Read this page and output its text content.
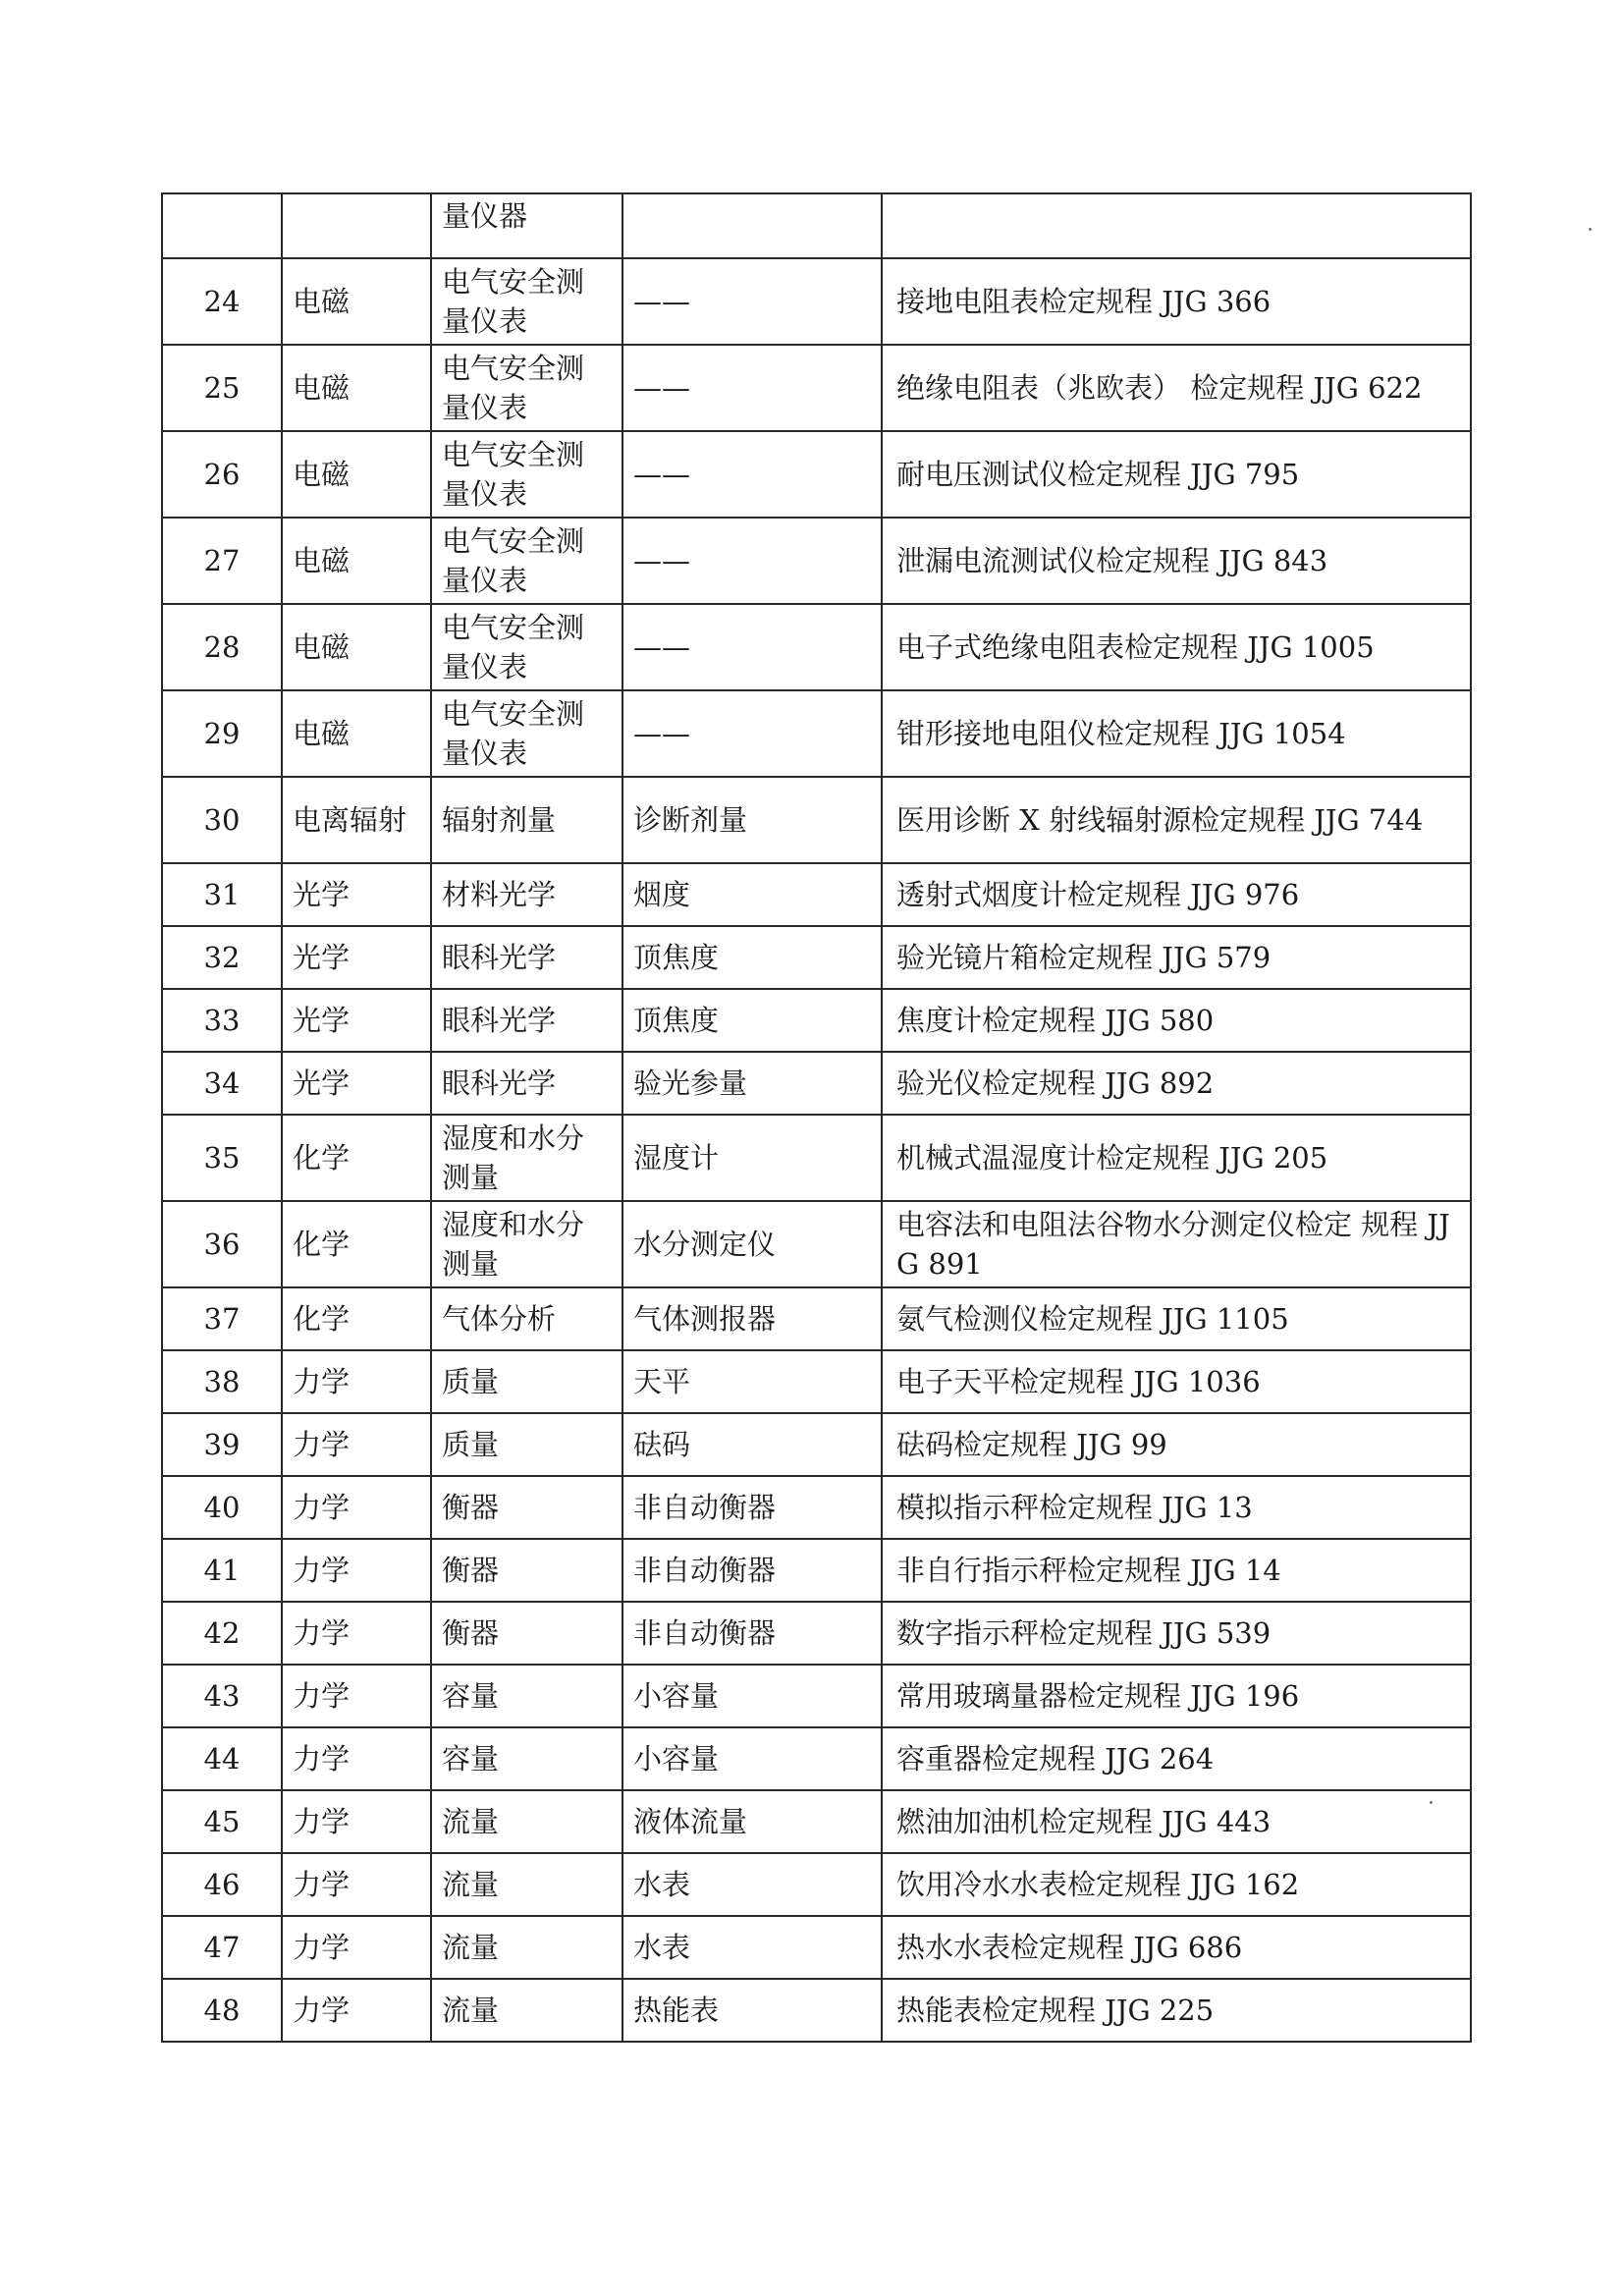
		量仪器		
24	电磁	电气安全测量仪表	——	接地电阻表检定规程 JJG 366
25	电磁	电气安全测量仪表	——	绝缘电阻表（兆欧表） 检定规程 JJG 622
26	电磁	电气安全测量仪表	——	耐电压测试仪检定规程 JJG 795
27	电磁	电气安全测量仪表	——	泄漏电流测试仪检定规程 JJG 843
28	电磁	电气安全测量仪表	——	电子式绝缘电阻表检定规程 JJG 1005
29	电磁	电气安全测量仪表	——	钳形接地电阻仪检定规程 JJG 1054
30	电离辐射	辐射剂量	诊断剂量	医用诊断 X 射线辐射源检定规程 JJG 744
31	光学	材料光学	烟度	透射式烟度计检定规程 JJG 976
32	光学	眼科光学	顶焦度	验光镜片箱检定规程 JJG 579
33	光学	眼科光学	顶焦度	焦度计检定规程 JJG 580
34	光学	眼科光学	验光参量	验光仪检定规程 JJG 892
35	化学	湿度和水分测量	湿度计	机械式温湿度计检定规程 JJG 205
36	化学	湿度和水分测量	水分测定仪	电容法和电阻法谷物水分测定仪检定 规程 JJG 891
37	化学	气体分析	气体测报器	氨气检测仪检定规程 JJG 1105
38	力学	质量	天平	电子天平检定规程 JJG 1036
39	力学	质量	砝码	砝码检定规程 JJG 99
40	力学	衡器	非自动衡器	模拟指示秤检定规程 JJG 13
41	力学	衡器	非自动衡器	非自行指示秤检定规程 JJG 14
42	力学	衡器	非自动衡器	数字指示秤检定规程 JJG 539
43	力学	容量	小容量	常用玻璃量器检定规程 JJG 196
44	力学	容量	小容量	容重器检定规程 JJG 264
45	力学	流量	液体流量	燃油加油机检定规程 JJG 443
46	力学	流量	水表	饮用冷水水表检定规程 JJG 162
47	力学	流量	水表	热水水表检定规程 JJG 686
48	力学	流量	热能表	热能表检定规程 JJG 225
